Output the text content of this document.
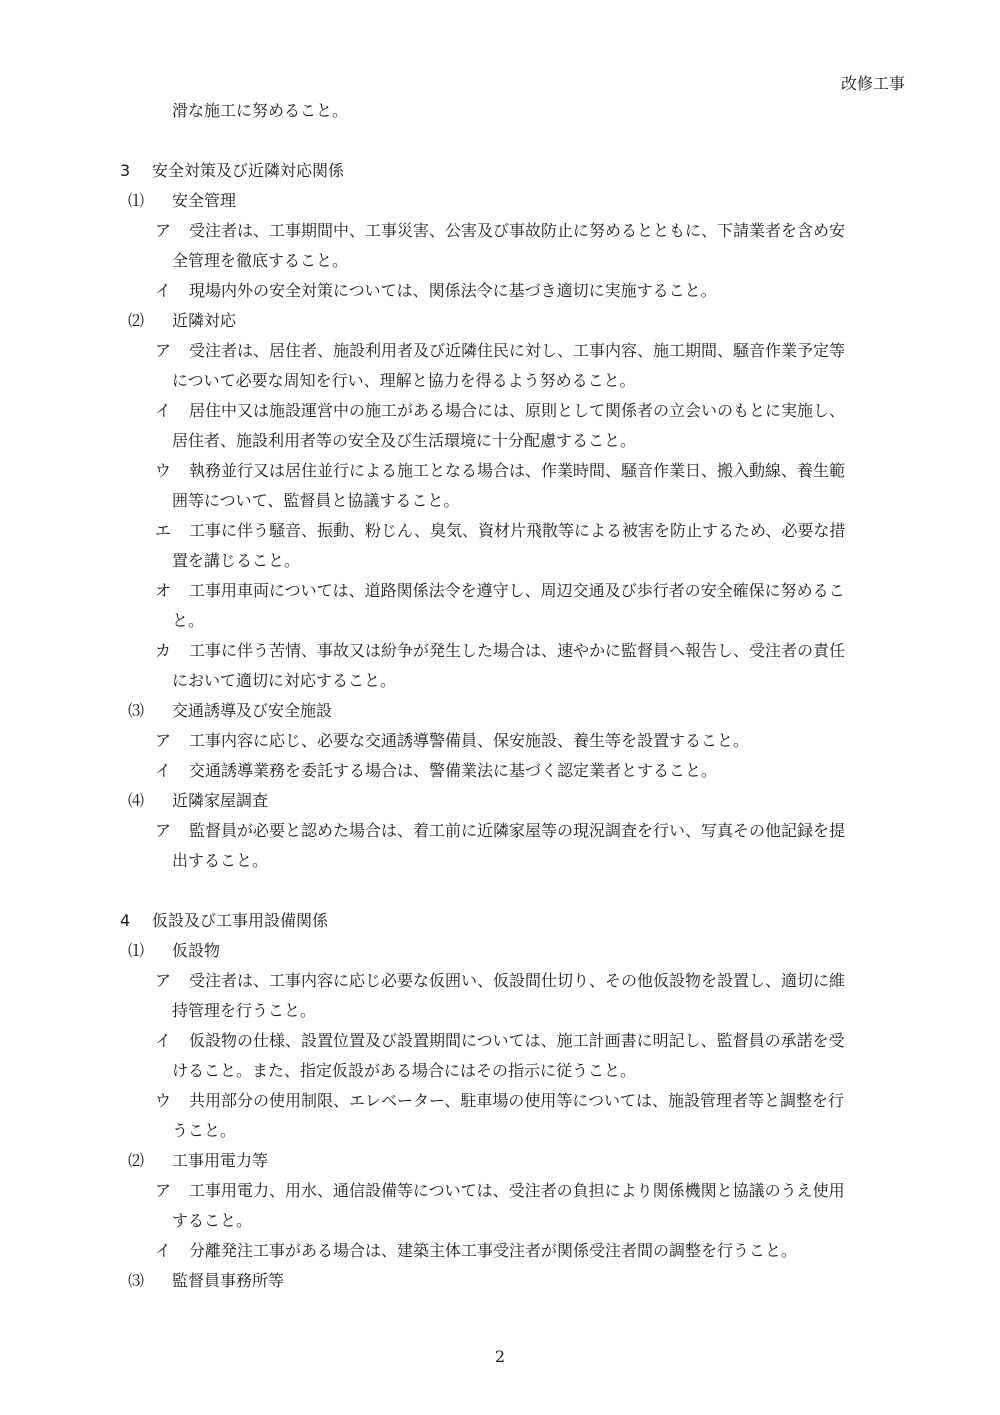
改修工事
滑な施工に努めること。
3 安全対策及び近隣対応関係
⑴ 安全管理
ア 受注者は、工事期間中、工事災害、公害及び事故防止に努めるとともに、下請業者を含め安
全管理を徹底すること。
イ 現場内外の安全対策については、関係法令に基づき適切に実施すること。
⑵ 近隣対応
ア 受注者は、居住者、施設利用者及び近隣住民に対し、工事内容、施工期間、騒音作業予定等
について必要な周知を行い、理解と協力を得るよう努めること。
イ 居住中又は施設運営中の施工がある場合には、原則として関係者の立会いのもとに実施し、
居住者、施設利用者等の安全及び生活環境に十分配慮すること。
ウ 執務並行又は居住並行による施工となる場合は、作業時間、騒音作業日、搬入動線、養生範
囲等について、監督員と協議すること。
エ 工事に伴う騒音、振動、粉じん、臭気、資材片飛散等による被害を防止するため、必要な措
置を講じること。
オ 工事用車両については、道路関係法令を遵守し、周辺交通及び歩行者の安全確保に努めるこ
と。
カ 工事に伴う苦情、事故又は紛争が発生した場合は、速やかに監督員へ報告し、受注者の責任
において適切に対応すること。
⑶ 交通誘導及び安全施設
ア 工事内容に応じ、必要な交通誘導警備員、保安施設、養生等を設置すること。
イ 交通誘導業務を委託する場合は、警備業法に基づく認定業者とすること。
⑷ 近隣家屋調査
ア 監督員が必要と認めた場合は、着工前に近隣家屋等の現況調査を行い、写真その他記録を提
出すること。
4 仮設及び工事用設備関係
⑴ 仮設物
ア 受注者は、工事内容に応じ必要な仮囲い、仮設間仕切り、その他仮設物を設置し、適切に維
持管理を行うこと。
イ 仮設物の仕様、設置位置及び設置期間については、施工計画書に明記し、監督員の承諾を受
けること。また、指定仮設がある場合にはその指示に従うこと。
ウ 共用部分の使用制限、エレベーター、駐車場の使用等については、施設管理者等と調整を行
うこと。
⑵ 工事用電力等
ア 工事用電力、用水、通信設備等については、受注者の負担により関係機関と協議のうえ使用
すること。
イ 分離発注工事がある場合は、建築主体工事受注者が関係受注者間の調整を行うこと。
⑶ 監督員事務所等
2
